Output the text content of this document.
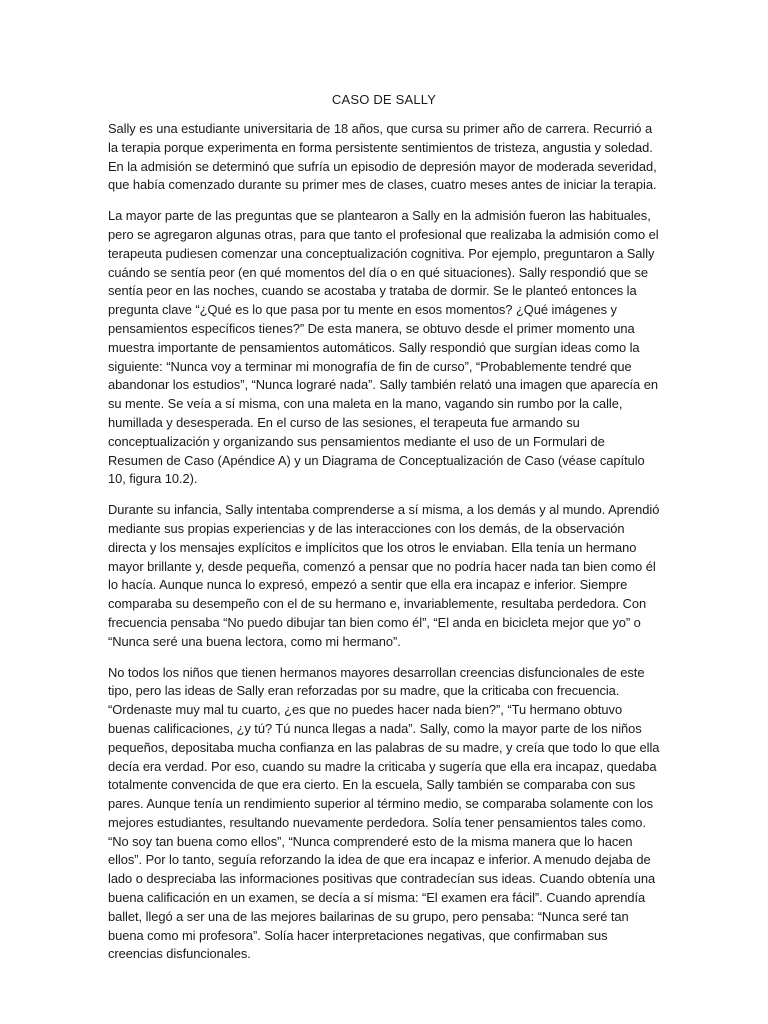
CASO DE SALLY

Sally es una estudiante universitaria de 18 años, que cursa su primer año de carrera. Recurrió a la terapia porque experimenta en forma persistente sentimientos de tristeza, angustia y soledad. En la admisión se determinó que sufría un episodio de depresión mayor de moderada severidad, que había comenzado durante su primer mes de clases, cuatro meses antes de iniciar la terapia.

La mayor parte de las preguntas que se plantearon a Sally en la admisión fueron las habituales, pero se agregaron algunas otras, para que tanto el profesional que realizaba la admisión como el terapeuta pudiesen comenzar una conceptualización cognitiva. Por ejemplo, preguntaron a Sally cuándo se sentía peor (en qué momentos del día o en qué situaciones). Sally respondió que se sentía peor en las noches, cuando se acostaba y trataba de dormir. Se le planteó entonces la pregunta clave “¿Qué es lo que pasa por tu mente en esos momentos? ¿Qué imágenes y pensamientos específicos tienes?” De esta manera, se obtuvo desde el primer momento una muestra importante de pensamientos automáticos. Sally respondió que surgían ideas como la siguiente: “Nunca voy a terminar mi monografía de fin de curso”, “Probablemente tendré que abandonar los estudios”, “Nunca lograré nada”. Sally también relató una imagen que aparecía en su mente. Se veía a sí misma, con una maleta en la mano, vagando sin rumbo por la calle, humillada y desesperada. En el curso de las sesiones, el terapeuta fue armando su conceptualización y organizando sus pensamientos mediante el uso de un Formulari de Resumen de Caso (Apéndice A) y un Diagrama de Conceptualización de Caso (véase capítulo 10, figura 10.2).

Durante su infancia, Sally intentaba comprenderse a sí misma, a los demás y al mundo. Aprendió mediante sus propias experiencias y de las interacciones con los demás, de la observación directa y los mensajes explícitos e implícitos que los otros le enviaban. Ella tenía un hermano mayor brillante y, desde pequeña, comenzó a pensar que no podría hacer nada tan bien como él lo hacía. Aunque nunca lo expresó, empezó a sentir que ella era incapaz e inferior. Siempre comparaba su desempeño con el de su hermano e, invariablemente, resultaba perdedora. Con frecuencia pensaba “No puedo dibujar tan bien como él”, “El anda en bicicleta mejor que yo” o “Nunca seré una buena lectora, como mi hermano”.

No todos los niños que tienen hermanos mayores desarrollan creencias disfuncionales de este tipo, pero las ideas de Sally eran reforzadas por su madre, que la criticaba con frecuencia. “Ordenaste muy mal tu cuarto, ¿es que no puedes hacer nada bien?”, “Tu hermano obtuvo buenas calificaciones, ¿y tú? Tú nunca llegas a nada”. Sally, como la mayor parte de los niños pequeños, depositaba mucha confianza en las palabras de su madre, y creía que todo lo que ella decía era verdad. Por eso, cuando su madre la criticaba y sugería que ella era incapaz, quedaba totalmente convencida de que era cierto. En la escuela, Sally también se comparaba con sus pares. Aunque tenía un rendimiento superior al término medio, se comparaba solamente con los mejores estudiantes, resultando nuevamente perdedora. Solía tener pensamientos tales como. “No soy tan buena como ellos”, “Nunca comprenderé esto de la misma manera que lo hacen ellos”. Por lo tanto, seguía reforzando la idea de que era incapaz e inferior. A menudo dejaba de lado o despreciaba las informaciones positivas que contradecían sus ideas. Cuando obtenía una buena calificación en un examen, se decía a sí misma: “El examen era fácil”. Cuando aprendía ballet, llegó a ser una de las mejores bailarinas de su grupo, pero pensaba: “Nunca seré tan buena como mi profesora”. Solía hacer interpretaciones negativas, que confirmaban sus creencias disfuncionales.
